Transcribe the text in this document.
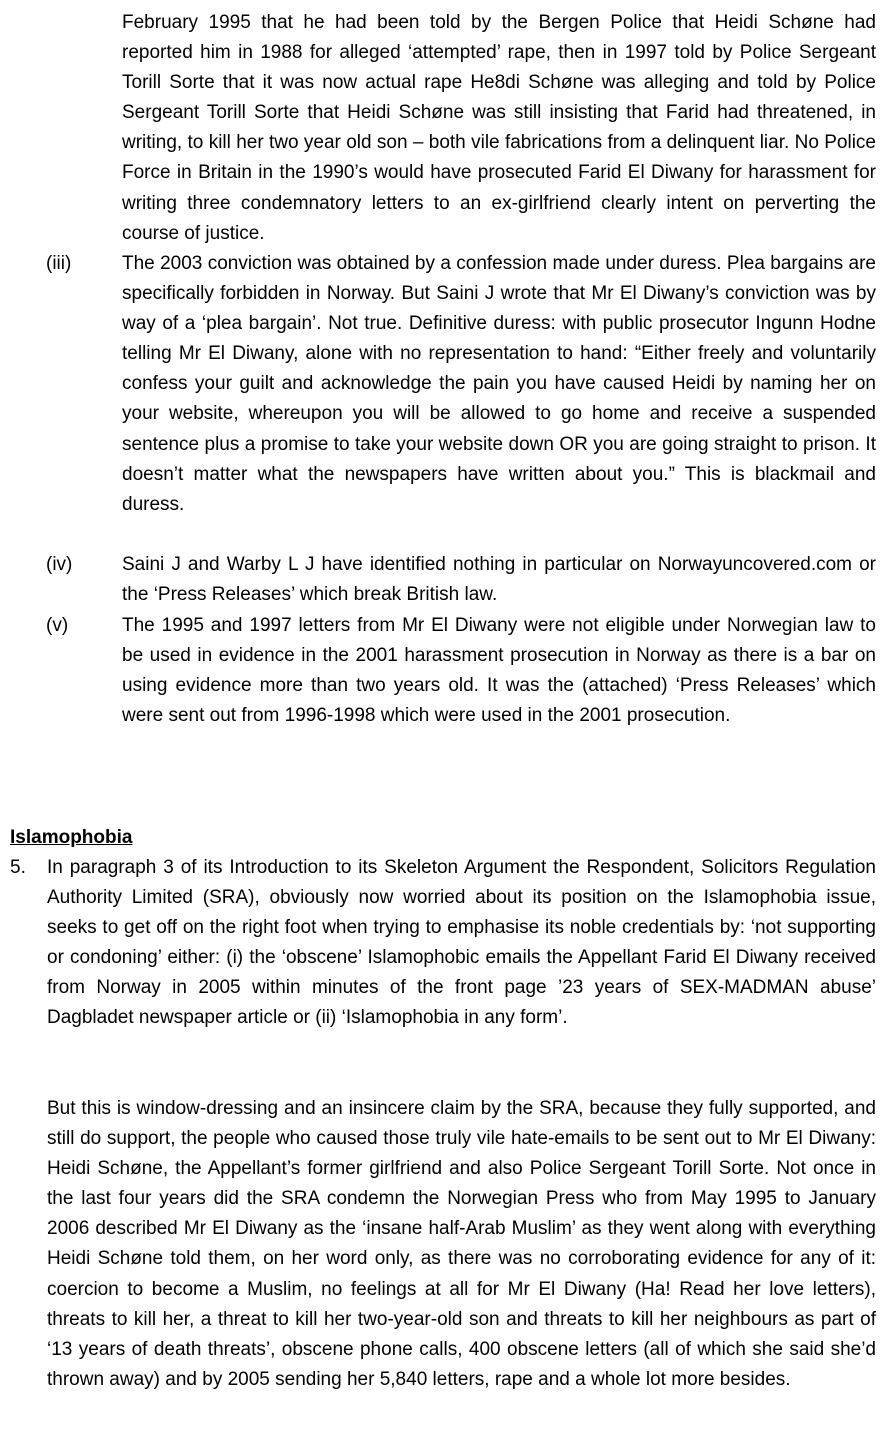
February 1995 that he had been told by the Bergen Police that Heidi Schøne had reported him in 1988 for alleged ‘attempted’ rape, then in 1997 told by Police Sergeant Torill Sorte that it was now actual rape He8di Schøne was alleging and told by Police Sergeant Torill Sorte that Heidi Schøne was still insisting that Farid had threatened, in writing, to kill her two year old son – both vile fabrications from a delinquent liar. No Police Force in Britain in the 1990’s would have prosecuted Farid El Diwany for harassment for writing three condemnatory letters to an ex-girlfriend clearly intent on perverting the course of justice.
(iii)	The 2003 conviction was obtained by a confession made under duress. Plea bargains are specifically forbidden in Norway. But Saini J wrote that Mr El Diwany’s conviction was by way of a ‘plea bargain’. Not true. Definitive duress: with public prosecutor Ingunn Hodne telling Mr El Diwany, alone with no representation to hand: “Either freely and voluntarily confess your guilt and acknowledge the pain you have caused Heidi by naming her on your website, whereupon you will be allowed to go home and receive a suspended sentence plus a promise to take your website down OR you are going straight to prison. It doesn’t matter what the newspapers have written about you.” This is blackmail and duress.
(iv)	Saini J and Warby L J have identified nothing in particular on Norwayuncovered.com or the ‘Press Releases’ which break British law.
(v)	The 1995 and 1997 letters from Mr El Diwany were not eligible under Norwegian law to be used in evidence in the 2001 harassment prosecution in Norway as there is a bar on using evidence more than two years old. It was the (attached) ‘Press Releases’ which were sent out from 1996-1998 which were used in the 2001 prosecution.
Islamophobia
5. In paragraph 3 of its Introduction to its Skeleton Argument the Respondent, Solicitors Regulation Authority Limited (SRA), obviously now worried about its position on the Islamophobia issue, seeks to get off on the right foot when trying to emphasise its noble credentials by: ‘not supporting or condoning’ either: (i) the ‘obscene’ Islamophobic emails the Appellant Farid El Diwany received from Norway in 2005 within minutes of the front page ’23 years of SEX-MADMAN abuse’ Dagbladet newspaper article or (ii) ‘Islamophobia in any form’.
But this is window-dressing and an insincere claim by the SRA, because they fully supported, and still do support, the people who caused those truly vile hate-emails to be sent out to Mr El Diwany: Heidi Schøne, the Appellant’s former girlfriend and also Police Sergeant Torill Sorte. Not once in the last four years did the SRA condemn the Norwegian Press who from May 1995 to January 2006 described Mr El Diwany as the ‘insane half-Arab Muslim’ as they went along with everything Heidi Schøne told them, on her word only, as there was no corroborating evidence for any of it: coercion to become a Muslim, no feelings at all for Mr El Diwany (Ha! Read her love letters), threats to kill her, a threat to kill her two-year-old son and threats to kill her neighbours as part of ‘13 years of death threats’, obscene phone calls, 400 obscene letters (all of which she said she’d thrown away) and by 2005 sending her 5,840 letters, rape and a whole lot more besides.
